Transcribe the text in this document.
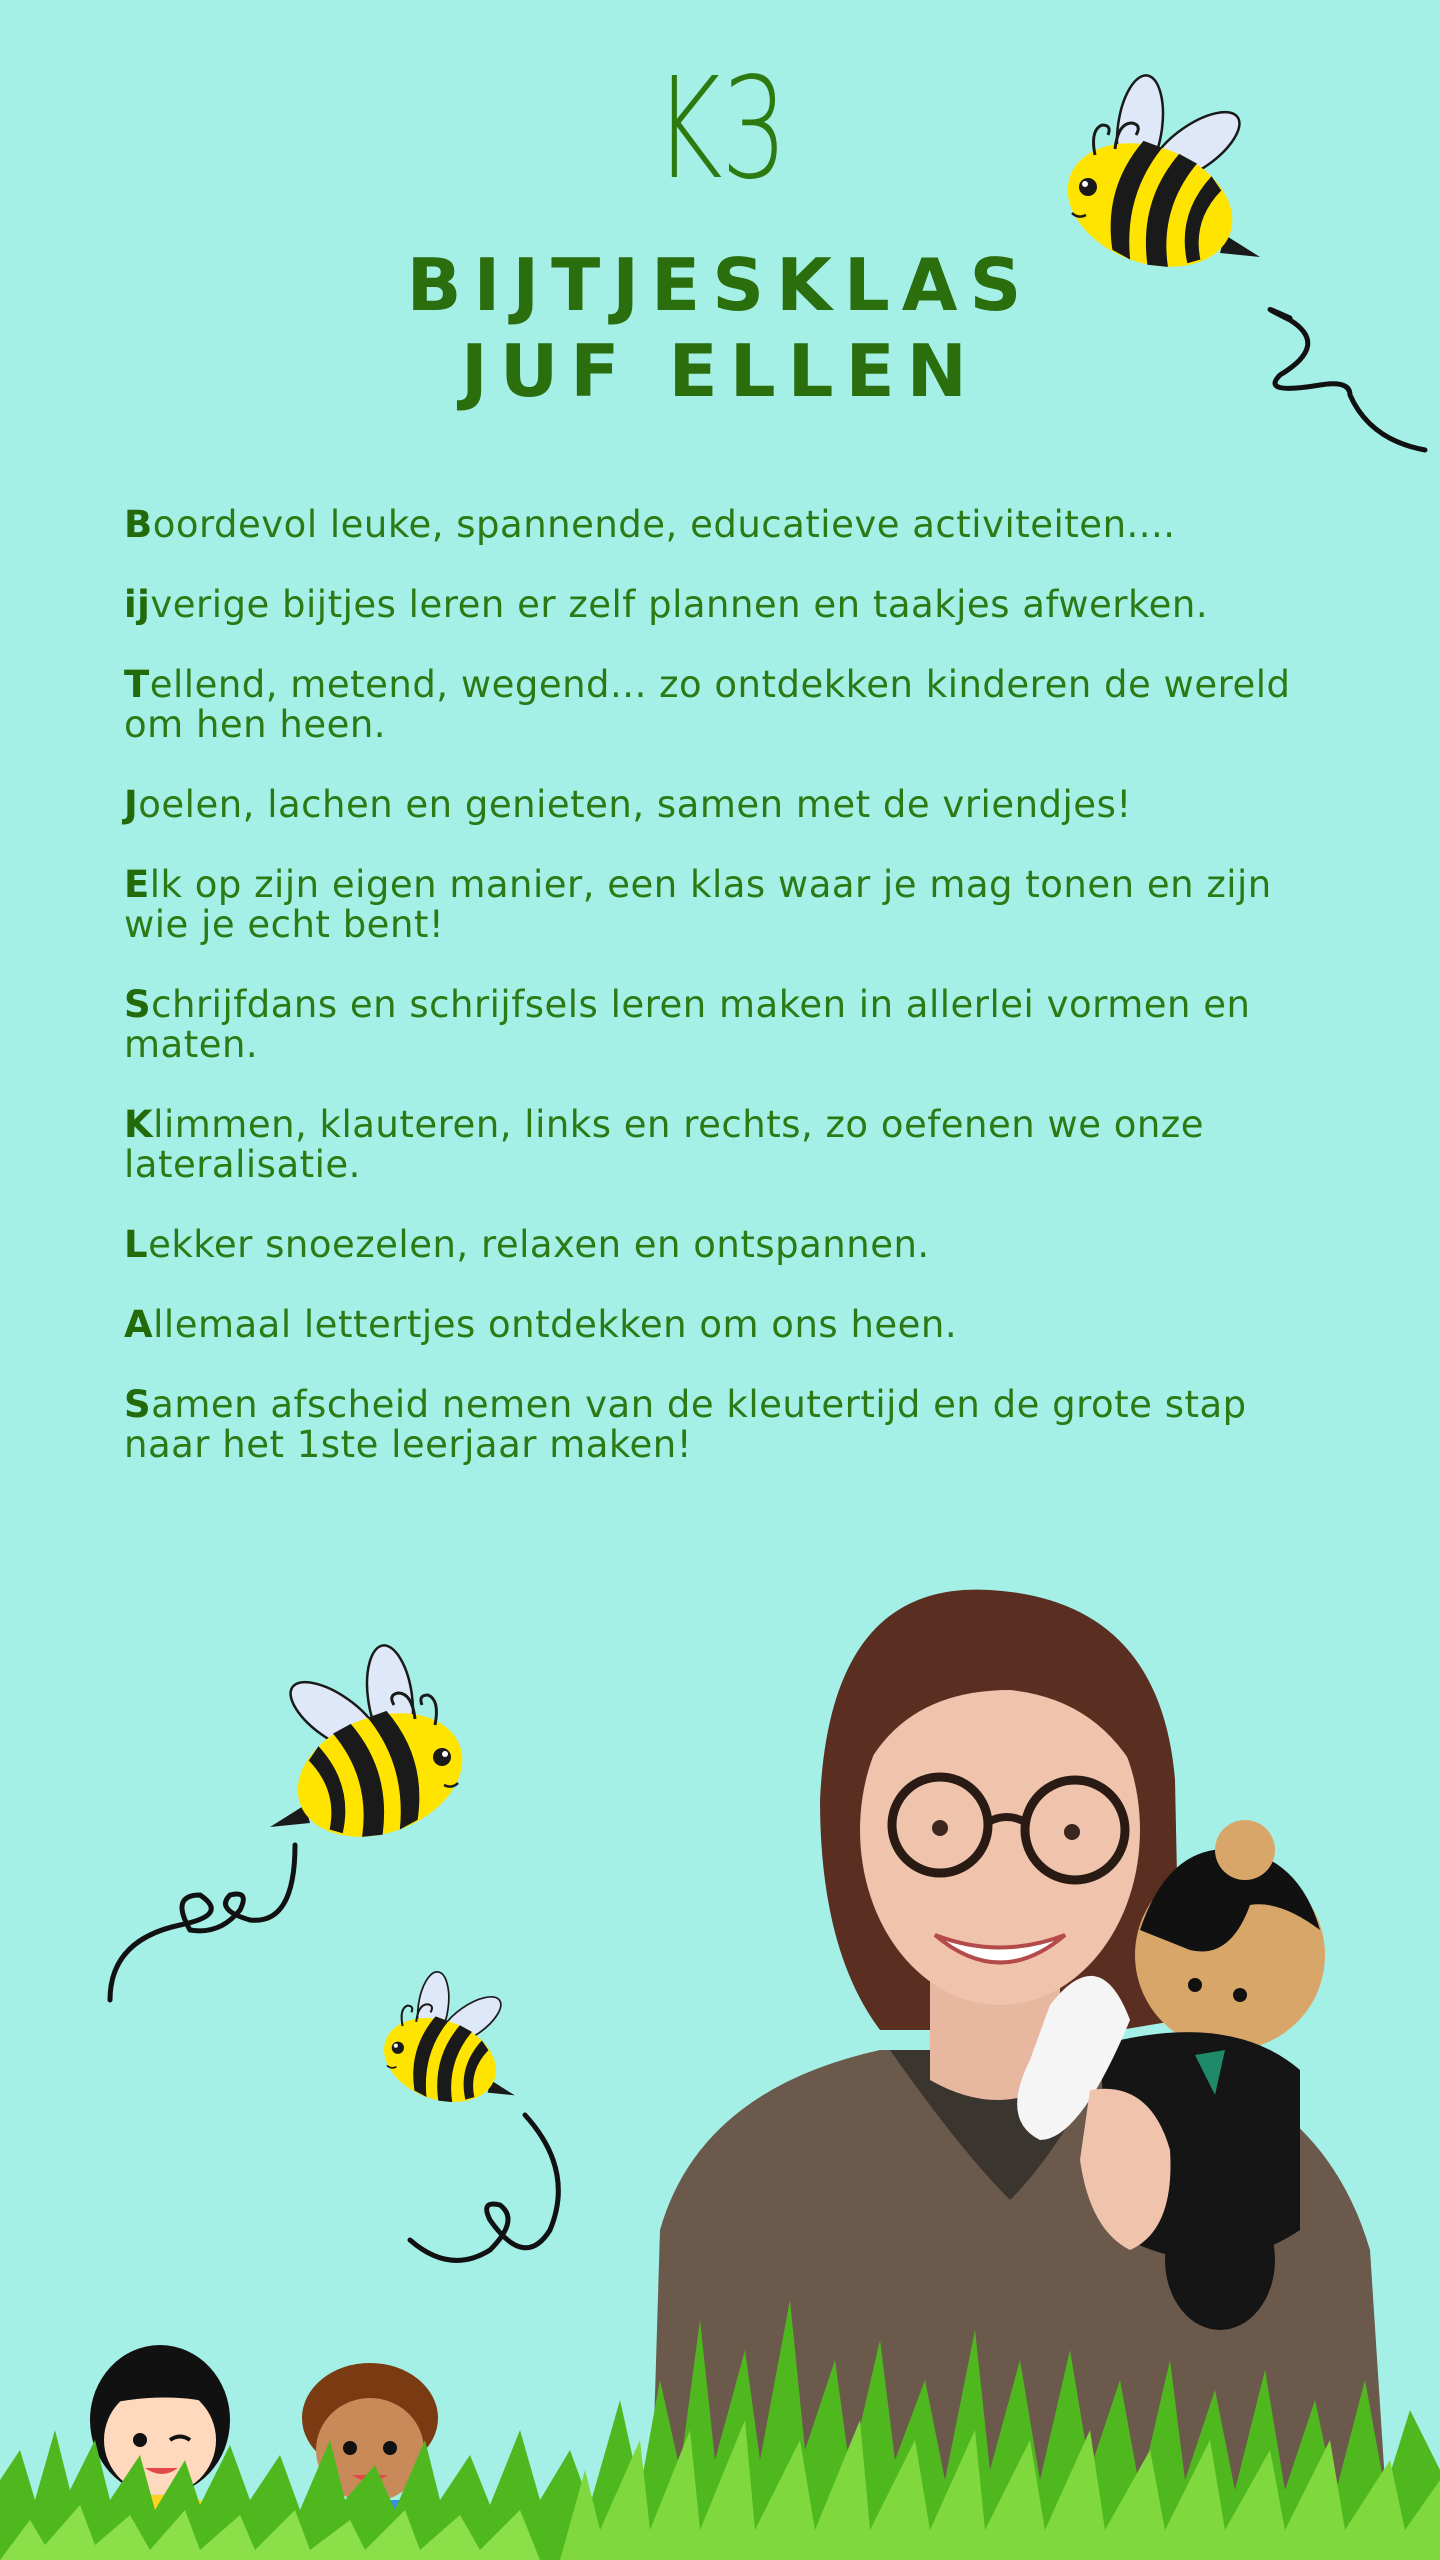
K3
BIJTJESKLAS
JUF ELLEN
Boordevol leuke, spannende, educatieve activiteiten....
ijverige bijtjes leren er zelf plannen en taakjes afwerken.
Tellend, metend, wegend... zo ontdekken kinderen de wereld om hen heen.
Joelen, lachen en genieten, samen met de vriendjes!
Elk op zijn eigen manier, een klas waar je mag tonen en zijn wie je echt bent!
Schrijfdans en schrijfsels leren maken in allerlei vormen en maten.
Klimmen, klauteren, links en rechts, zo oefenen we onze lateralisatie.
Lekker snoezelen, relaxen en ontspannen.
Allemaal lettertjes ontdekken om ons heen.
Samen afscheid nemen van de kleutertijd en de grote stap naar het 1ste leerjaar maken!
